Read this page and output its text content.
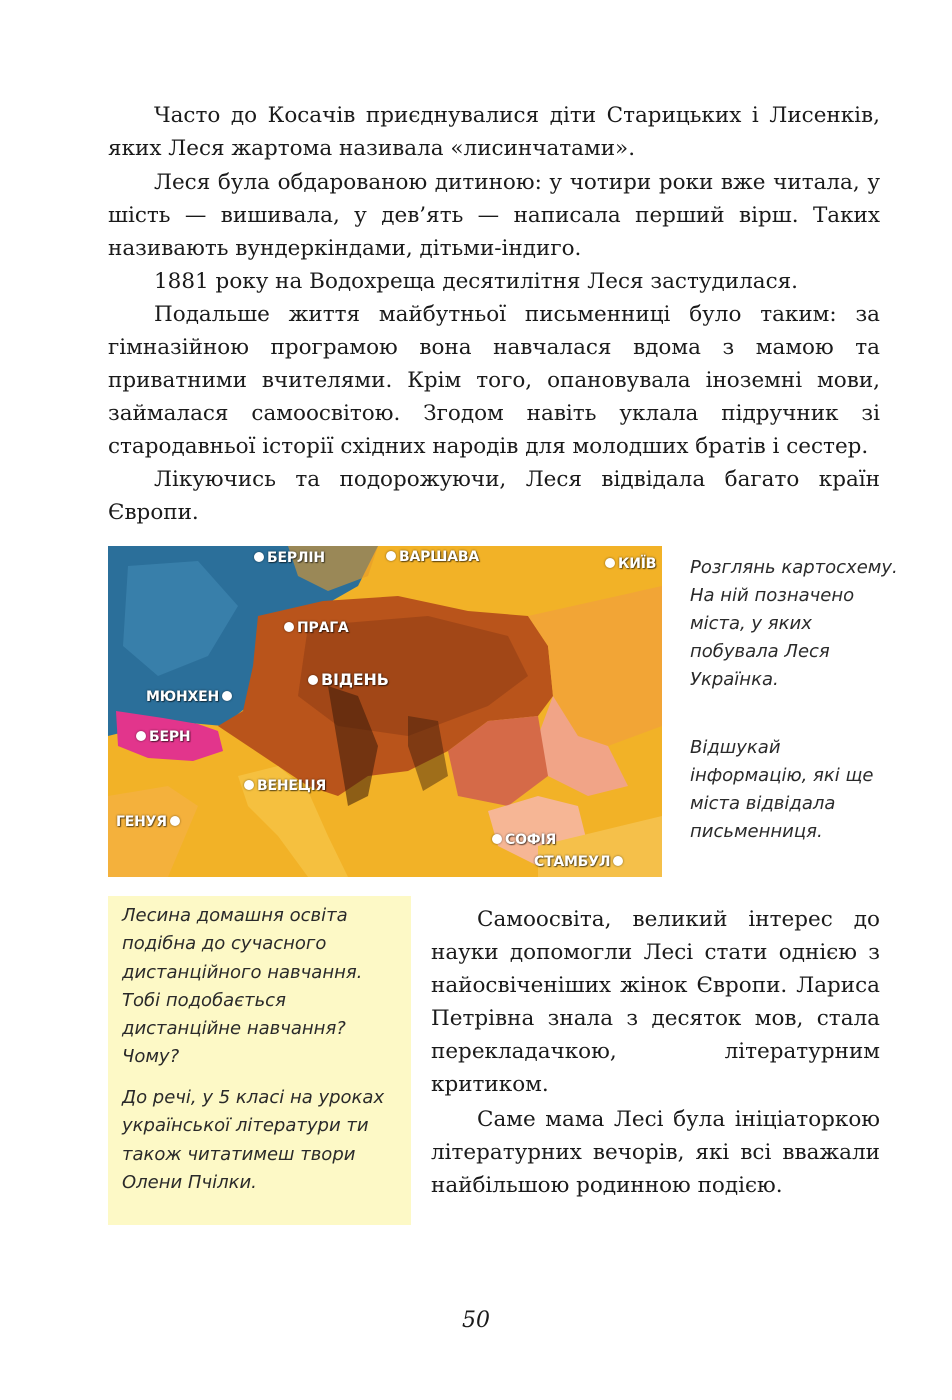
Часто до Косачів приєднувалися діти Старицьких і Лисенків, яких Леся жартома називала «лисинчатами».

Леся була обдарованою дитиною: у чотири роки вже читала, у шість — вишивала, у дев’ять — написала перший вірш. Таких називають вундеркіндами, дітьми-індиго.

1881 року на Водохреща десятилітня Леся застудилася.

Подальше життя майбутньої письменниці було таким: за гімназійною програмою вона навчалася вдома з мамою та приватними вчителями. Крім того, опановувала іноземні мови, займалася самоосвітою. Згодом навіть уклала підручник зі стародавньої історії східних народів для молодших братів і сестер.

Лікуючись та подорожуючи, Леся відвідала багато країн Європи.

БЕРЛІН	ВАРШАВА	КИЇВ
ПРАГА
ВІДЕНЬ
МЮНХЕН
БЕРН
ВЕНЕЦІЯ
ГЕНУЯ
СОФІЯ
СТАМБУЛ

Розглянь картосхему. На ній позначено міста, у яких побувала Леся Українка.

Відшукай інформацію, які ще міста відвідала письменниця.

Лесина домашня освіта подібна до сучасного дистанційного навчання. Тобі подобається дистанційне навчання? Чому?

До речі, у 5 класі на уроках української літератури ти також читатимеш твори Олени Пчілки.

Самоосвіта, великий інтерес до науки допомогли Лесі стати однією з найосвіченіших жінок Європи. Лариса Петрівна знала з десяток мов, стала перекладачкою, літературним критиком.

Саме мама Лесі була ініціаторкою літературних вечорів, які всі вважали найбільшою родинною подією.

50
